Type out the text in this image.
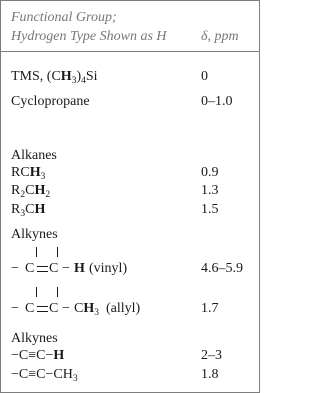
Functional Group;
Hydrogen Type Shown as H δ, ppm
TMS, $(CH_3)_4Si$	0
Cyclopropane	0–1.0
Alkanes
$RCH_3$	0.9
$R_2CH_2$	1.3
$R_3CH$	1.5
Alkynes
− C C − H (vinyl)	4.6–5.9
− C $C - CH_3$ (allyl)	1.7
Alkynes
−C≡C−H	2–3
$-C\equiv C-CH_3$	1.8
